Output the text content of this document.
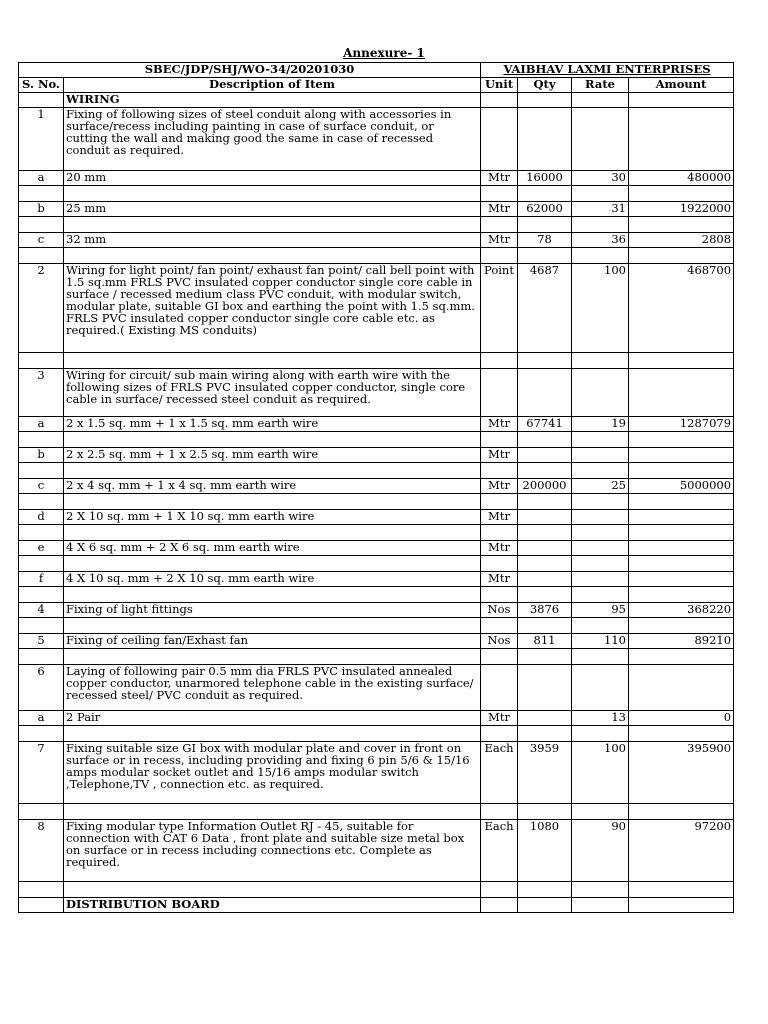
Annexure- 1
SBEC/JDP/SHJ/WO-34/20201030		VAIBHAV LAXMI ENTERPRISES			
S. No.	Description of Item	Unit	Qty	Rate	Amount
	WIRING				
1	Fixing of following sizes of steel conduit along with accessories in surface/recess including painting in case of surface conduit, or cutting the wall and making good the same in case of recessed conduit as required.				
a	20 mm	Mtr	16000	30	480000

b	25 mm	Mtr	62000	31	1922000

c	32 mm	Mtr	78	36	2808

2	Wiring for light point/ fan point/ exhaust fan point/ call bell point with 1.5 sq.mm FRLS PVC insulated copper conductor single core cable in surface / recessed medium class PVC conduit, with modular switch, modular plate, suitable GI box and earthing the point with 1.5 sq.mm. FRLS PVC insulated copper conductor single core cable etc. as required.( Existing MS conduits)	Point	4687	100	468700

3	Wiring for circuit/ sub main wiring along with earth wire with the following sizes of FRLS PVC insulated copper conductor, single core cable in surface/ recessed steel conduit as required.				
a	2 x 1.5 sq. mm + 1 x 1.5 sq. mm earth wire	Mtr	67741	19	1287079

b	2 x 2.5 sq. mm + 1 x 2.5 sq. mm earth wire	Mtr			

c	2 x 4 sq. mm + 1 x 4 sq. mm earth wire	Mtr	200000	25	5000000

d	2 X 10 sq. mm + 1 X 10 sq. mm earth wire	Mtr			

e	4 X 6 sq. mm + 2 X 6 sq. mm earth wire	Mtr			

f	4 X 10 sq. mm + 2 X 10 sq. mm earth wire	Mtr			

4	Fixing of light fittings	Nos	3876	95	368220

5	Fixing of ceiling fan/Exhast fan	Nos	811	110	89210

6	Laying of following pair 0.5 mm dia FRLS PVC insulated annealed copper conductor, unarmored telephone cable in the existing surface/ recessed steel/ PVC conduit as required.				
a	2 Pair	Mtr		13	0

7	Fixing suitable size GI box with modular plate and cover in front on surface or in recess, including providing and fixing 6 pin 5/6 & 15/16 amps modular socket outlet and 15/16 amps modular switch ,Telephone,TV , connection etc. as required.	Each	3959	100	395900

8	Fixing modular type Information Outlet RJ - 45, suitable for connection with CAT 6 Data , front plate and suitable size metal box on surface or in recess including connections etc. Complete as required.	Each	1080	90	97200

	DISTRIBUTION BOARD				
